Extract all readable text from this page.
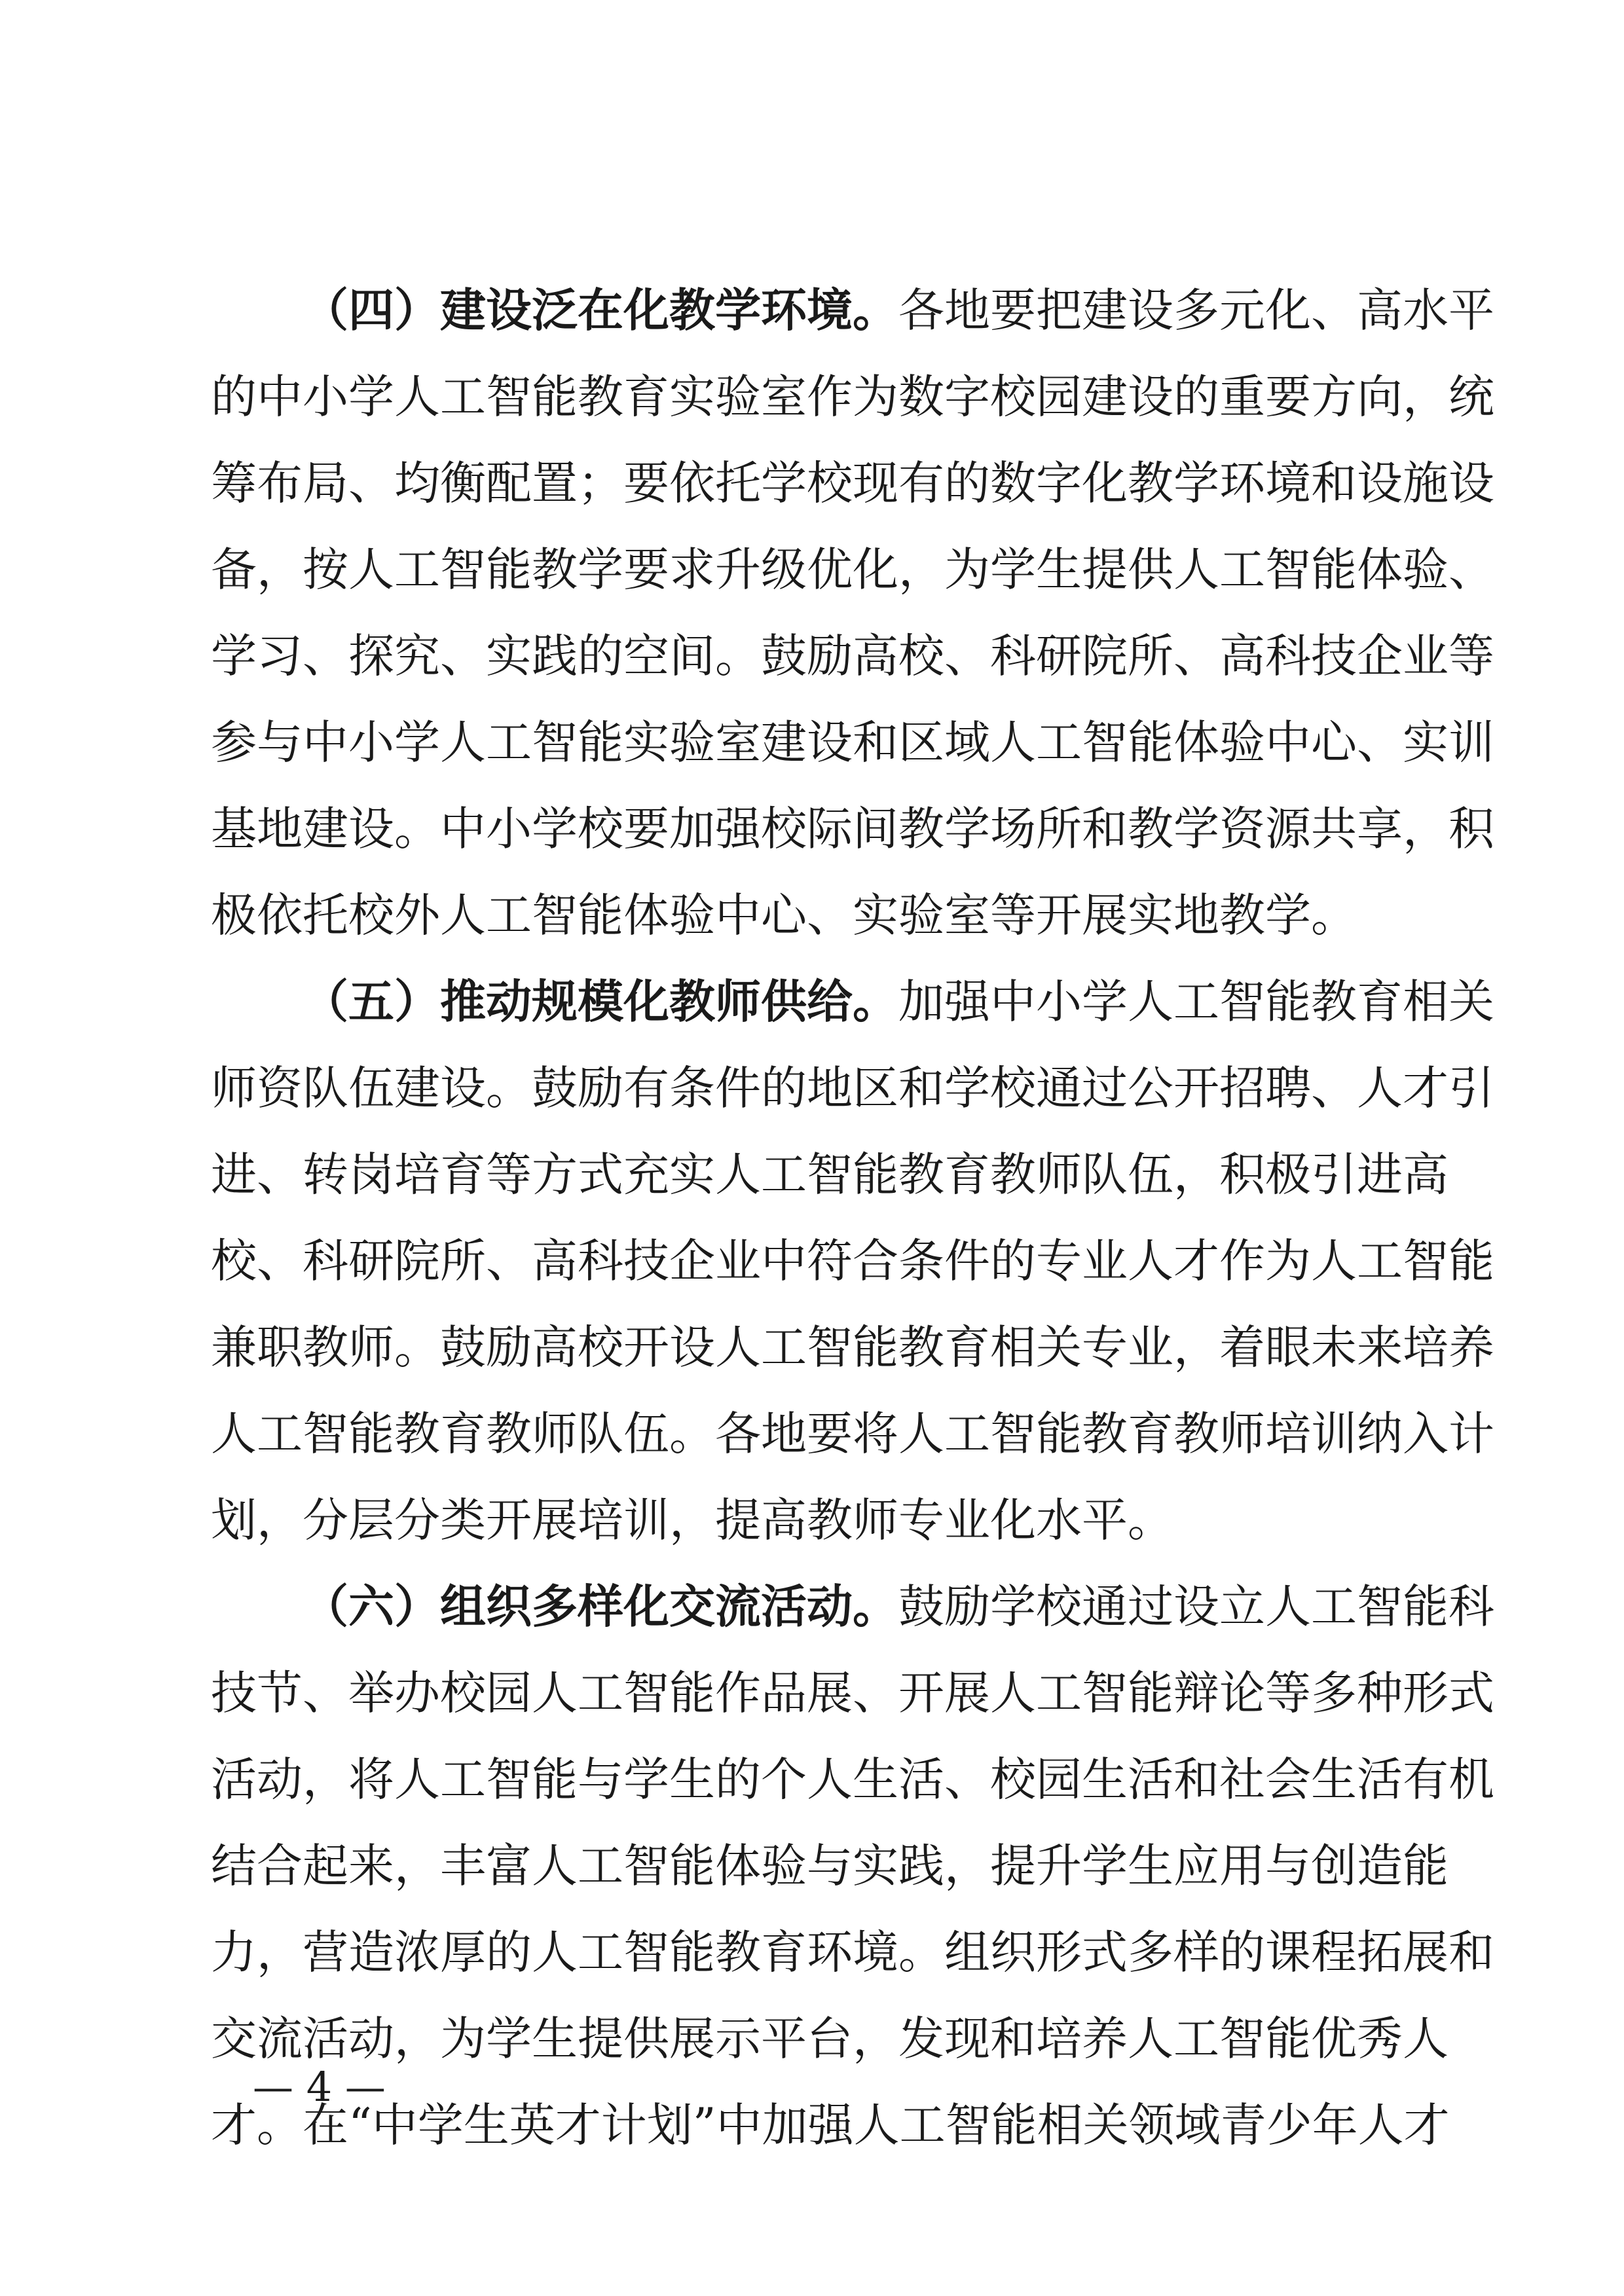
（四）建设泛在化教学环境。各地要把建设多元化、高水平
的中小学人工智能教育实验室作为数字校园建设的重要方向，统
筹布局、均衡配置；要依托学校现有的数字化教学环境和设施设
备，按人工智能教学要求升级优化，为学生提供人工智能体验、
学习、探究、实践的空间。鼓励高校、科研院所、高科技企业等
参与中小学人工智能实验室建设和区域人工智能体验中心、实训
基地建设。中小学校要加强校际间教学场所和教学资源共享，积
极依托校外人工智能体验中心、实验室等开展实地教学。
（五）推动规模化教师供给。加强中小学人工智能教育相关
师资队伍建设。鼓励有条件的地区和学校通过公开招聘、人才引
进、转岗培育等方式充实人工智能教育教师队伍，积极引进高
校、科研院所、高科技企业中符合条件的专业人才作为人工智能
兼职教师。鼓励高校开设人工智能教育相关专业，着眼未来培养
人工智能教育教师队伍。各地要将人工智能教育教师培训纳入计
划，分层分类开展培训，提高教师专业化水平。
（六）组织多样化交流活动。鼓励学校通过设立人工智能科
技节、举办校园人工智能作品展、开展人工智能辩论等多种形式
活动，将人工智能与学生的个人生活、校园生活和社会生活有机
结合起来，丰富人工智能体验与实践，提升学生应用与创造能
力，营造浓厚的人工智能教育环境。组织形式多样的课程拓展和
交流活动，为学生提供展示平台，发现和培养人工智能优秀人
才。在“中学生英才计划”中加强人工智能相关领域青少年人才
— 4 —
